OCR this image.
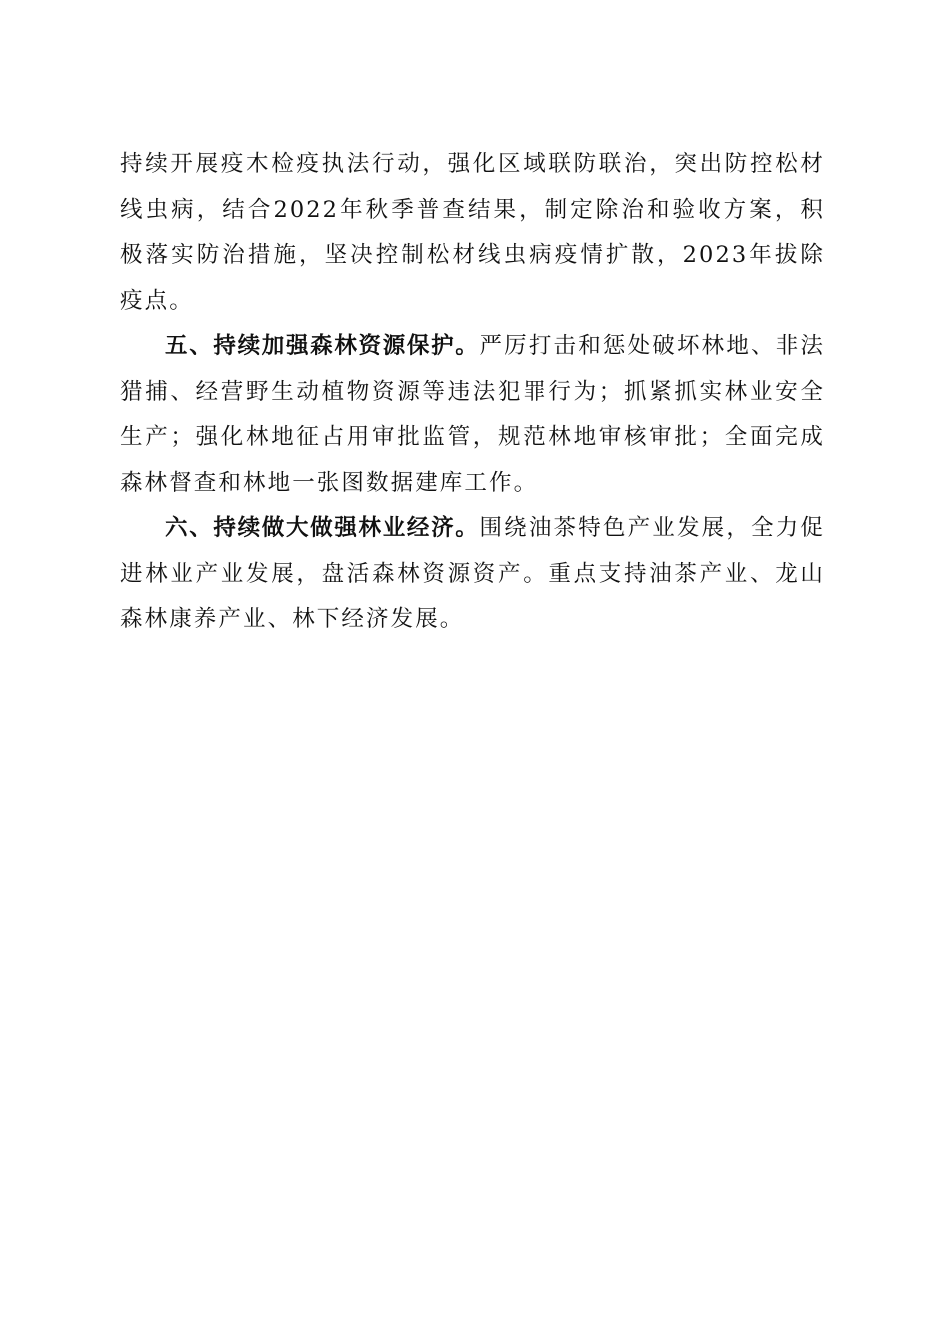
持续开展疫木检疫执法行动，强化区域联防联治，突出防控松材线虫病，结合2022年秋季普查结果，制定除治和验收方案，积极落实防治措施，坚决控制松材线虫病疫情扩散，2023年拔除疫点。

五、持续加强森林资源保护。严厉打击和惩处破坏林地、非法猎捕、经营野生动植物资源等违法犯罪行为；抓紧抓实林业安全生产；强化林地征占用审批监管，规范林地审核审批；全面完成森林督查和林地一张图数据建库工作。

六、持续做大做强林业经济。围绕油茶特色产业发展，全力促进林业产业发展，盘活森林资源资产。重点支持油茶产业、龙山森林康养产业、林下经济发展。
